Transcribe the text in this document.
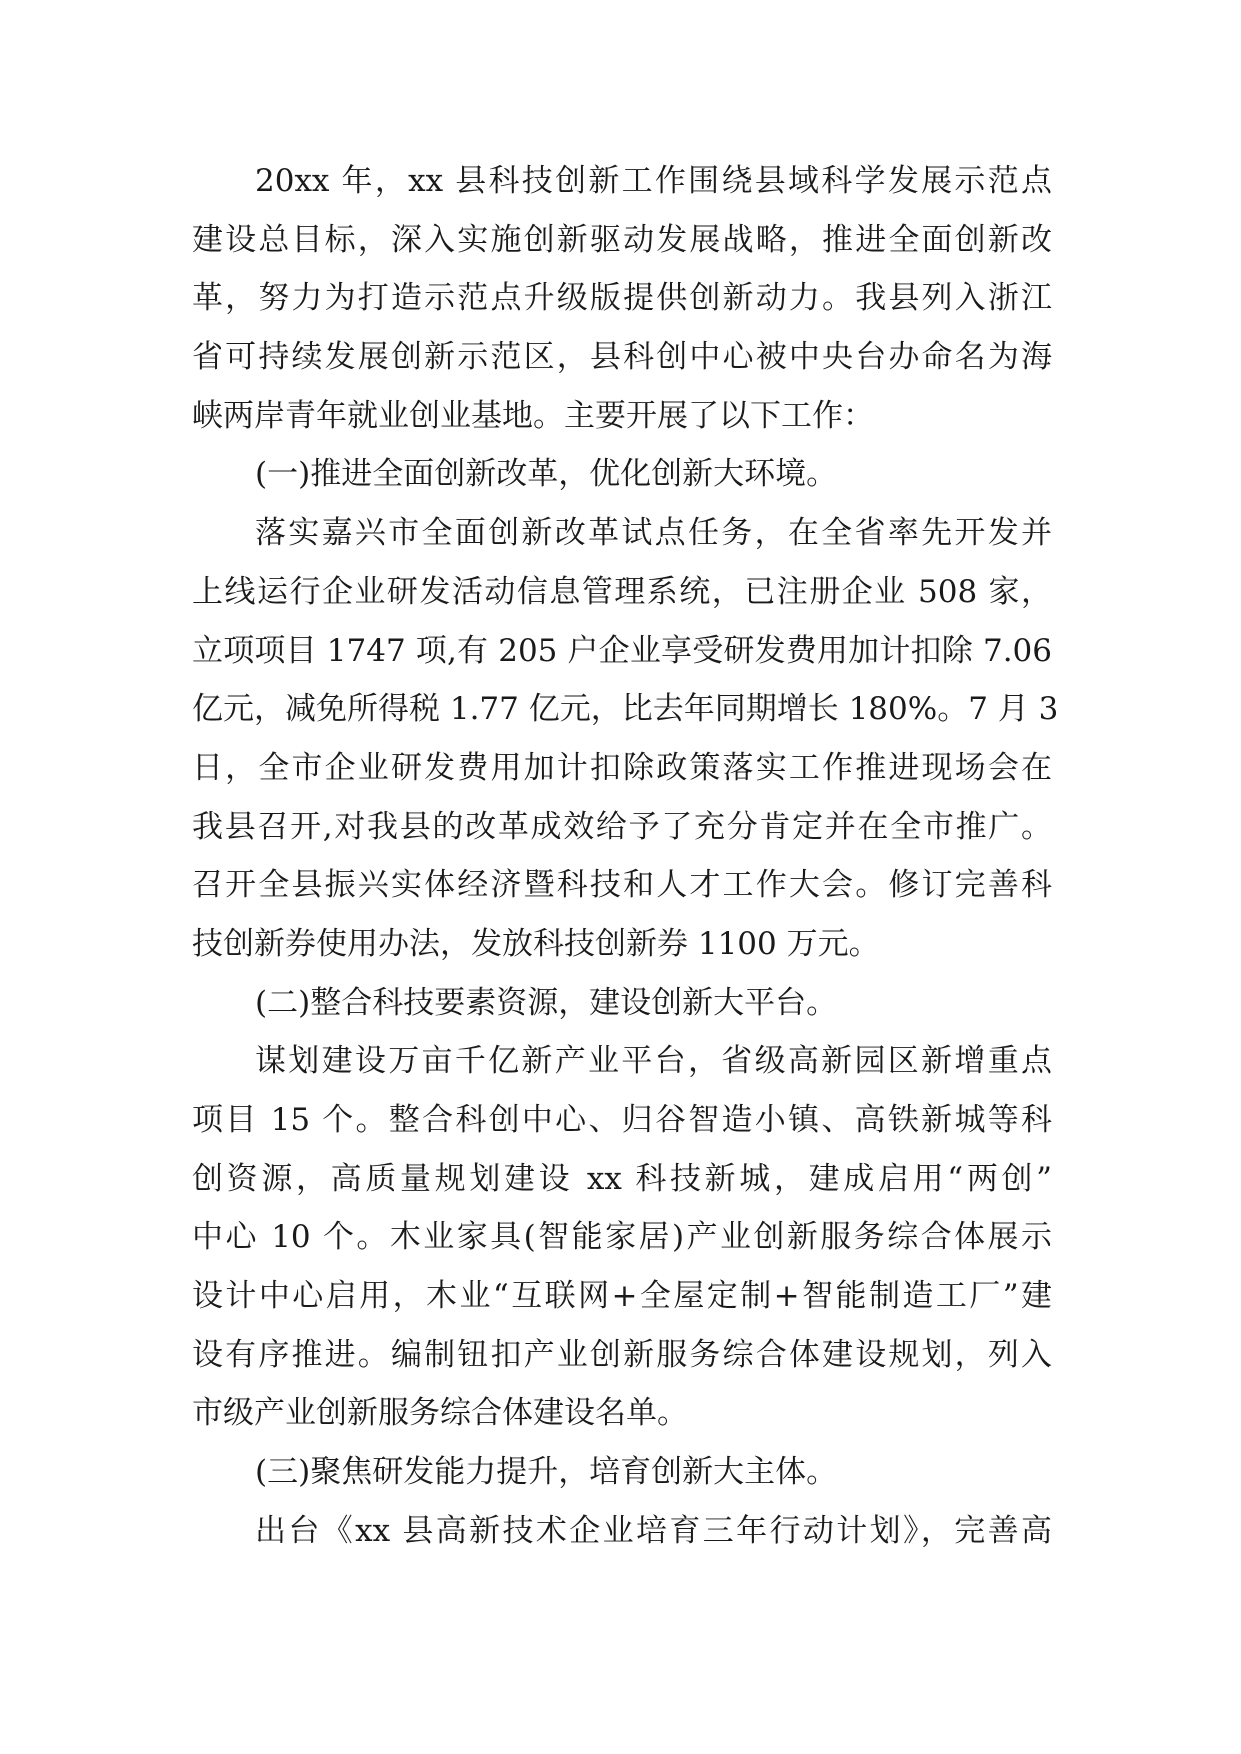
20xx 年，xx 县科技创新工作围绕县域科学发展示范点
建设总目标，深入实施创新驱动发展战略，推进全面创新改
革，努力为打造示范点升级版提供创新动力。我县列入浙江
省可持续发展创新示范区，县科创中心被中央台办命名为海
峡两岸青年就业创业基地。主要开展了以下工作：
(一)推进全面创新改革，优化创新大环境。
落实嘉兴市全面创新改革试点任务，在全省率先开发并
上线运行企业研发活动信息管理系统，已注册企业 508 家，
立项项目 1747 项,有 205 户企业享受研发费用加计扣除 7.06
亿元，减免所得税 1.77 亿元，比去年同期增长 180%。7 月 3
日，全市企业研发费用加计扣除政策落实工作推进现场会在
我县召开,对我县的改革成效给予了充分肯定并在全市推广。
召开全县振兴实体经济暨科技和人才工作大会。修订完善科
技创新券使用办法，发放科技创新券 1100 万元。
(二)整合科技要素资源，建设创新大平台。
谋划建设万亩千亿新产业平台，省级高新园区新增重点
项目 15 个。整合科创中心、归谷智造小镇、高铁新城等科
创资源，高质量规划建设 xx 科技新城，建成启用“两创”
中心 10 个。木业家具(智能家居)产业创新服务综合体展示
设计中心启用，木业“互联网+全屋定制+智能制造工厂”建
设有序推进。编制钮扣产业创新服务综合体建设规划，列入
市级产业创新服务综合体建设名单。
(三)聚焦研发能力提升，培育创新大主体。
出台《xx 县高新技术企业培育三年行动计划》，完善高
